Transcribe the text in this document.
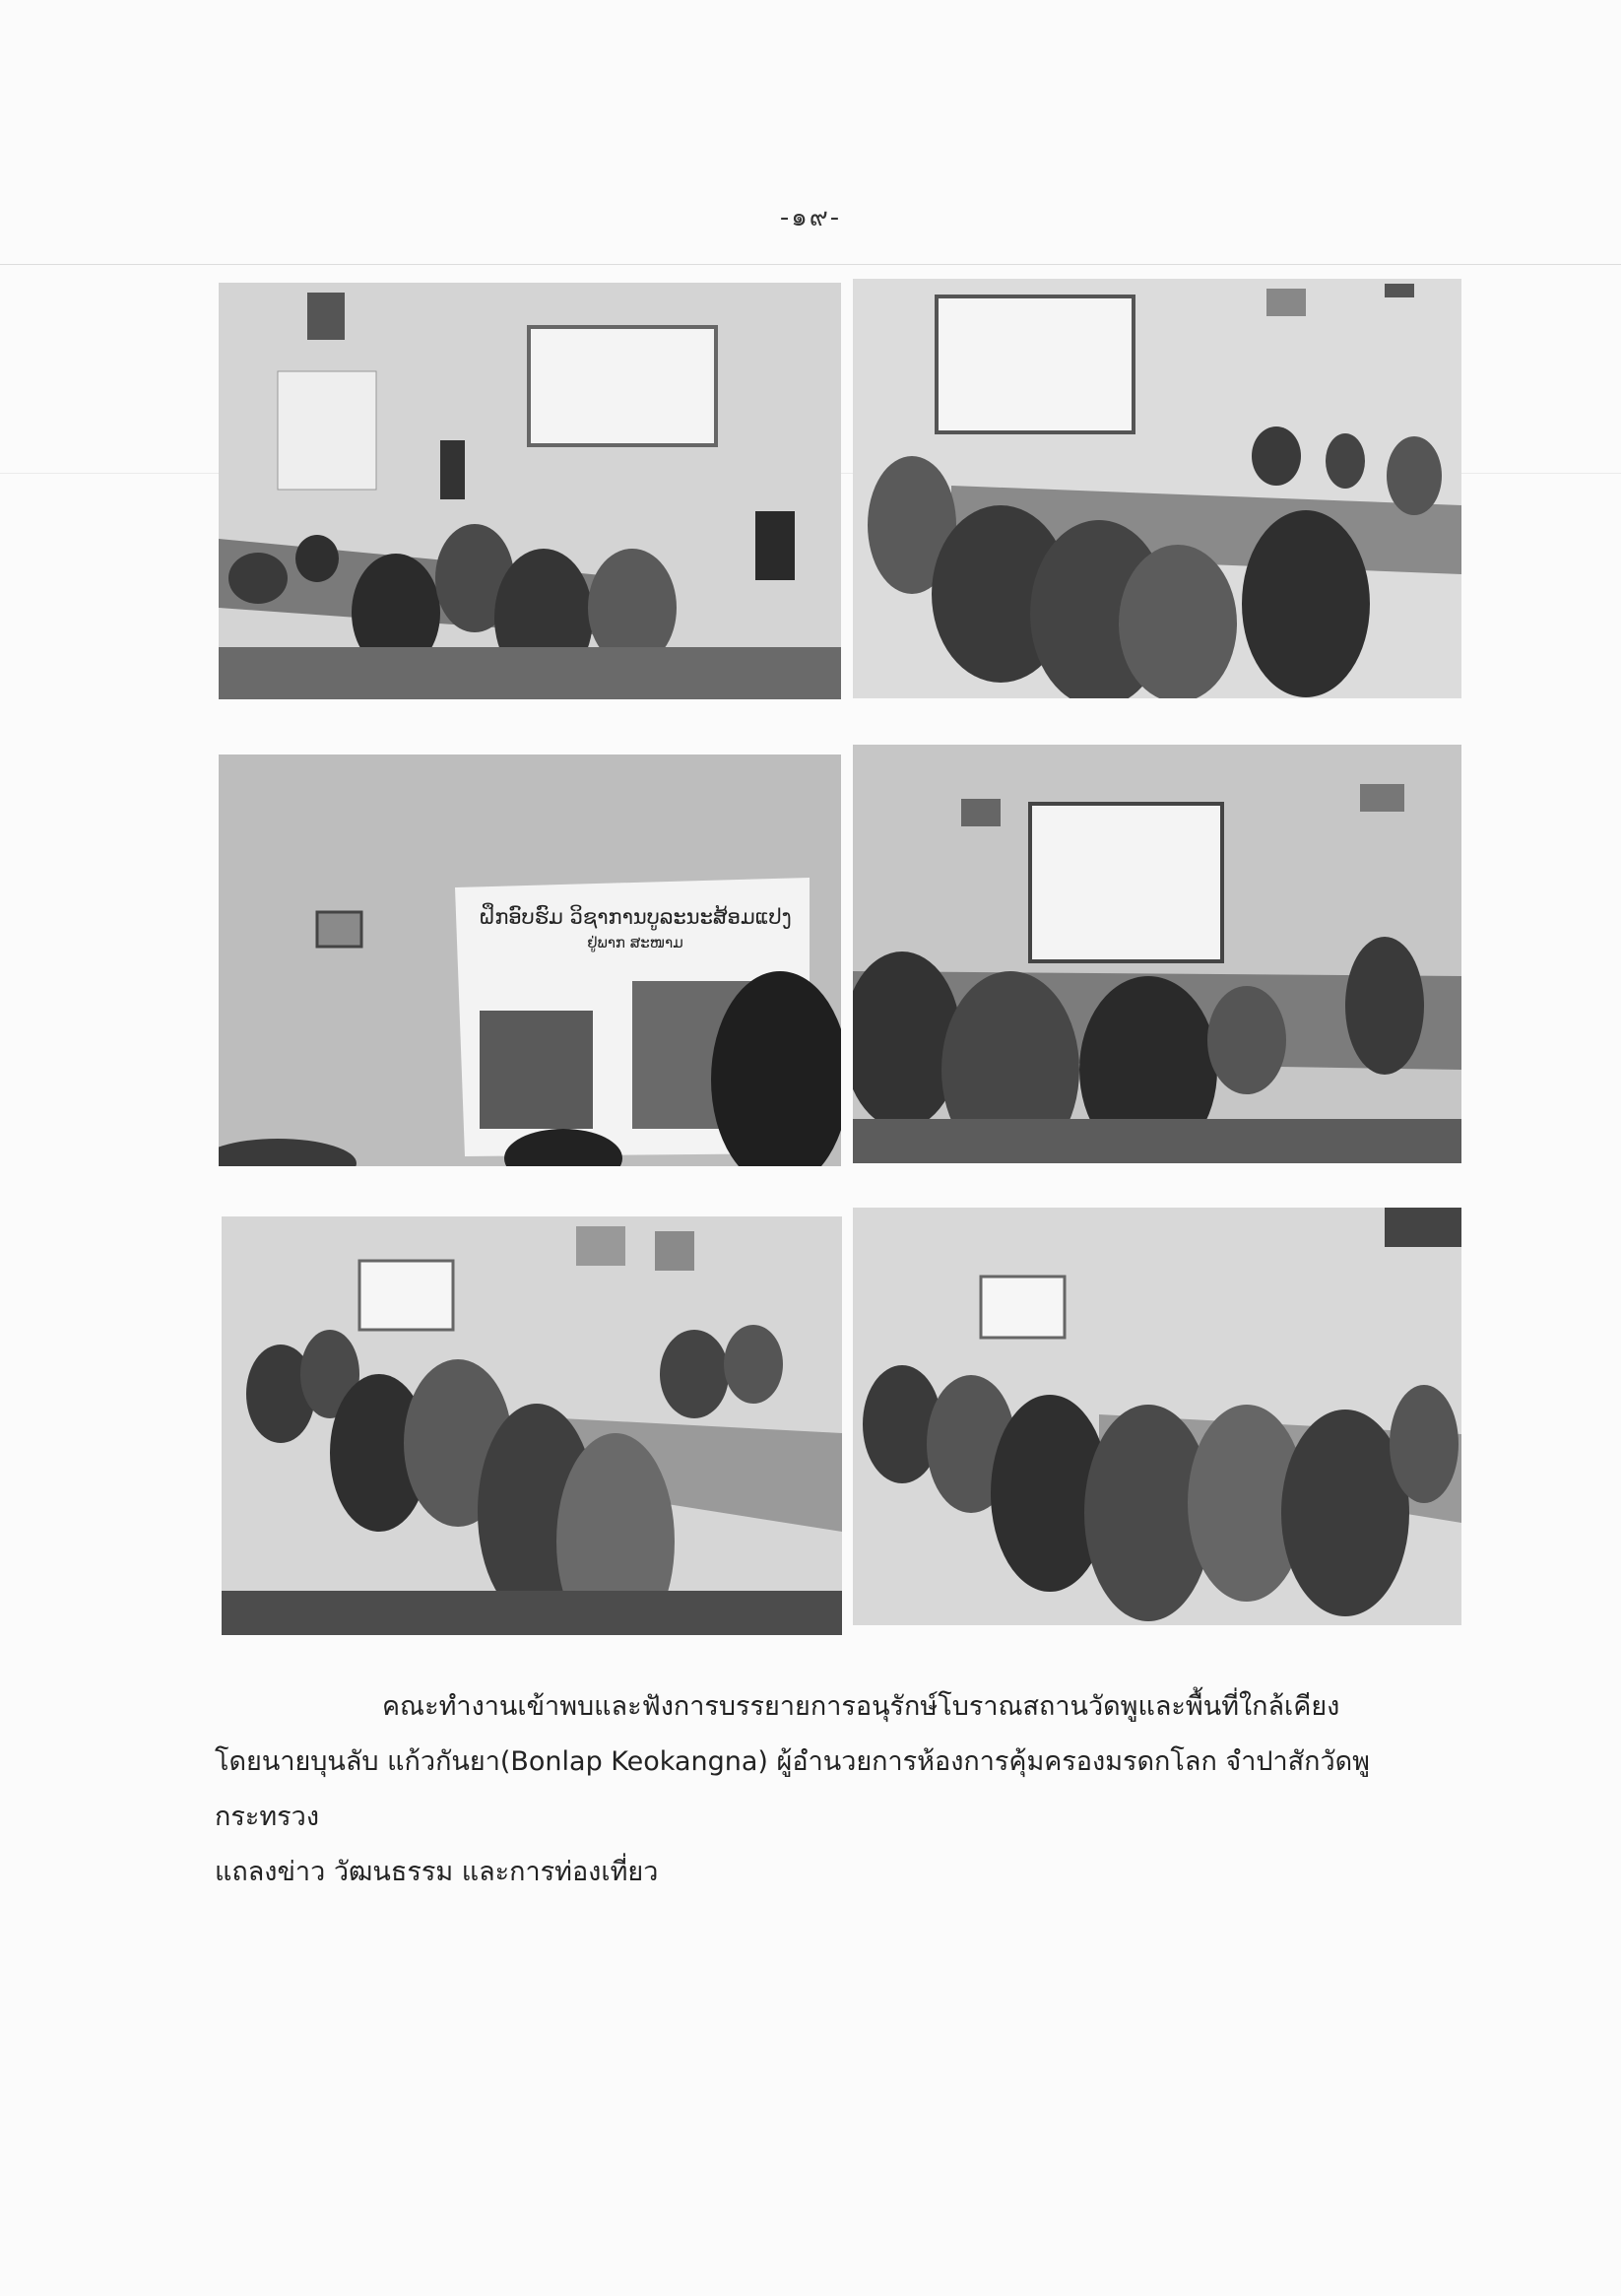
-๑๙-
ຝຶກອົບຮົມ ວິຊາການບູລະນະສ້ອມແປງ
ຢູ່ພາກ ສະໜາມ

คณะทำงานเข้าพบและฟังการบรรยายการอนุรักษ์โบราณสถานวัดพูและพื้นที่ใกล้เคียง

โดยนายบุนลับ แก้วกันยา(Bonlap Keokangna) ผู้อำนวยการห้องการคุ้มครองมรดกโลก จำปาสักวัดพู กระทรวง

แถลงข่าว วัฒนธรรม และการท่องเที่ยว
